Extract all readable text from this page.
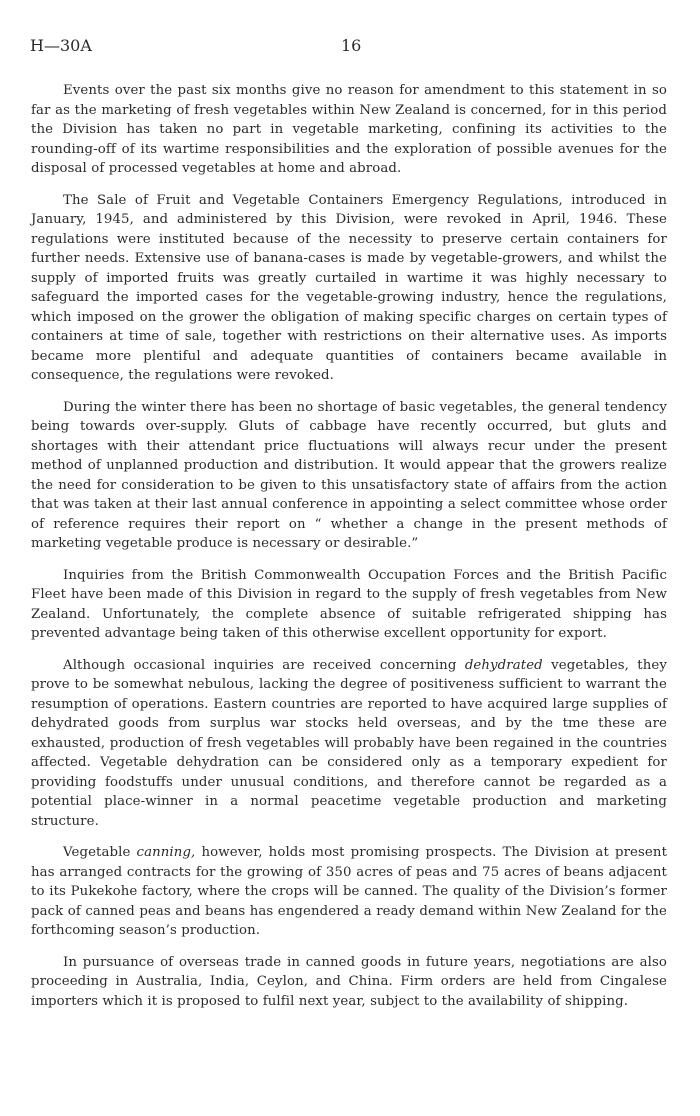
H—30A	16

Events over the past six months give no reason for amendment to this statement in so far as the marketing of fresh vegetables within New Zealand is concerned, for in this period the Division has taken no part in vegetable marketing, confining its activities to the rounding-off of its wartime responsibilities and the exploration of possible avenues for the disposal of processed vegetables at home and abroad.

The Sale of Fruit and Vegetable Containers Emergency Regulations, introduced in January, 1945, and administered by this Division, were revoked in April, 1946. These regulations were instituted because of the necessity to preserve certain containers for further needs. Extensive use of banana-cases is made by vegetable-growers, and whilst the supply of imported fruits was greatly curtailed in wartime it was highly necessary to safeguard the imported cases for the vegetable-growing industry, hence the regulations, which imposed on the grower the obligation of making specific charges on certain types of containers at time of sale, together with restrictions on their alternative uses. As imports became more plentiful and adequate quantities of containers became available in consequence, the regulations were revoked.

During the winter there has been no shortage of basic vegetables, the general tendency being towards over-supply. Gluts of cabbage have recently occurred, but gluts and shortages with their attendant price fluctuations will always recur under the present method of unplanned production and distribution. It would appear that the growers realize the need for consideration to be given to this unsatisfactory state of affairs from the action that was taken at their last annual conference in appointing a select committee whose order of reference requires their report on “ whether a change in the present methods of marketing vegetable produce is necessary or desirable.”

Inquiries from the British Commonwealth Occupation Forces and the British Pacific Fleet have been made of this Division in regard to the supply of fresh vegetables from New Zealand. Unfortunately, the complete absence of suitable refrigerated shipping has prevented advantage being taken of this otherwise excellent opportunity for export.

Although occasional inquiries are received concerning dehydrated vegetables, they prove to be somewhat nebulous, lacking the degree of positiveness sufficient to warrant the resumption of operations. Eastern countries are reported to have acquired large supplies of dehydrated goods from surplus war stocks held overseas, and by the tme these are exhausted, production of fresh vegetables will probably have been regained in the countries affected. Vegetable dehydration can be considered only as a temporary expedient for providing foodstuffs under unusual conditions, and therefore cannot be regarded as a potential place-winner in a normal peacetime vegetable production and marketing structure.

Vegetable canning, however, holds most promising prospects. The Division at present has arranged contracts for the growing of 350 acres of peas and 75 acres of beans adjacent to its Pukekohe factory, where the crops will be canned. The quality of the Division’s former pack of canned peas and beans has engendered a ready demand within New Zealand for the forthcoming season’s production.

In pursuance of overseas trade in canned goods in future years, negotiations are also proceeding in Australia, India, Ceylon, and China. Firm orders are held from Cingalese importers which it is proposed to fulfil next year, subject to the availability of shipping.
